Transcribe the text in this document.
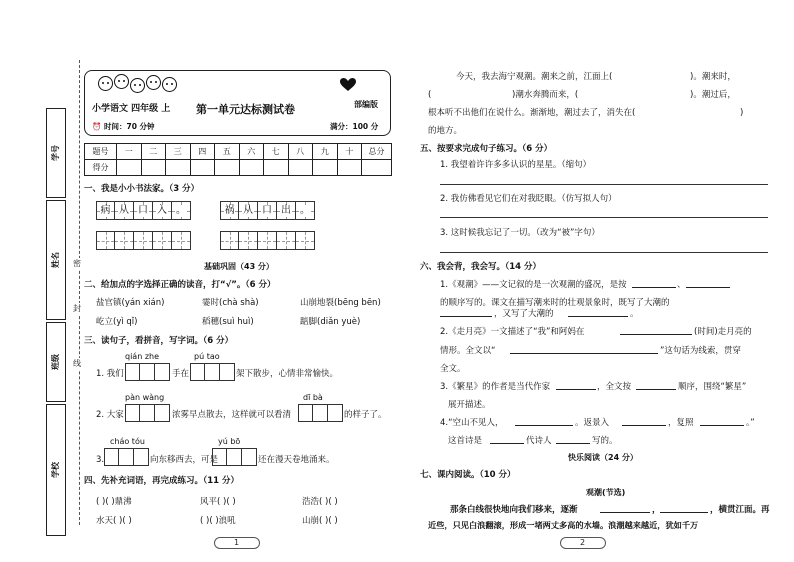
学号
姓名
班级
学校
密
封
线
小学语文 四年级 上 第一单元达标测试卷	部编版
⏰ 时间：70 分钟	满分：100 分
题号	一	二	三	四	五	六	七	八	九	十	总分
得分											
一、我是小小书法家。（3 分）
病 从 口 入 。	祸 从 口 出 。
基础巩固（43 分）
二、给加点的字选择正确的读音，打“√”。（6 分）
盐官镇(yán xián)	霎时(chà shà)	山崩地裂(bēng bēn)
屹立(yì qǐ)	稻穗(suì huì)	踮脚(diǎn yuè)
三、读句子，看拼音，写字词。（6 分）
qián zhe	pú tao
1. 我们	手在	架下散步，心情非常愉快。
pàn wàng	dī bà
2. 大家	浓雾早点散去，这样就可以看清	的样子了。
cháo tóu	yú bō
3.	向东移西去，可是	还在漫天卷地涌来。
四、先补充词语，再完成练习。（11 分）
( )( )鼎沸	风平( )( )	浩浩( )( )
水天( )( )	( )( )浪吼	山崩( )( )
1
今天，我去海宁观潮。潮来之前，江面上(	)。潮来时，
(	)潮水奔腾而来，(	)。潮过后，
根本听不出他们在说什么。渐渐地，潮过去了，消失在(	)
的地方。
五、按要求完成句子练习。（6 分）
1. 我望着许许多多认识的星星。（缩句）
2. 我仿佛看见它们在对我眨眼。（仿写拟人句）
3. 这时候我忘记了一切。（改为“被”字句）
六、我会背，我会写。（14 分）
1.《观潮》——文记叙的是一次观潮的盛况，是按	、
的顺序写的。课文在描写潮来时的壮观景象时，既写了大潮的
，又写了大潮的	。
2.《走月亮》一文描述了“我”和阿妈在	(时间)走月亮的
情形。全文以“	”这句话为线索，贯穿
全文。
3.《繁星》的作者是当代作家	，全文按	顺序，围绕“繁星”
展开描述。
4.“空山不见人，	。返景入	，复照	。”
这首诗是	代诗人	写的。
快乐阅读（24 分）
七、课内阅读。（10 分）
观潮(节选)
那条白线很快地向我们移来，逐渐	，	，横贯江面。再
近些，只见白浪翻滚，形成一堵两丈多高的水墙。浪潮越来越近，犹如千万
2
